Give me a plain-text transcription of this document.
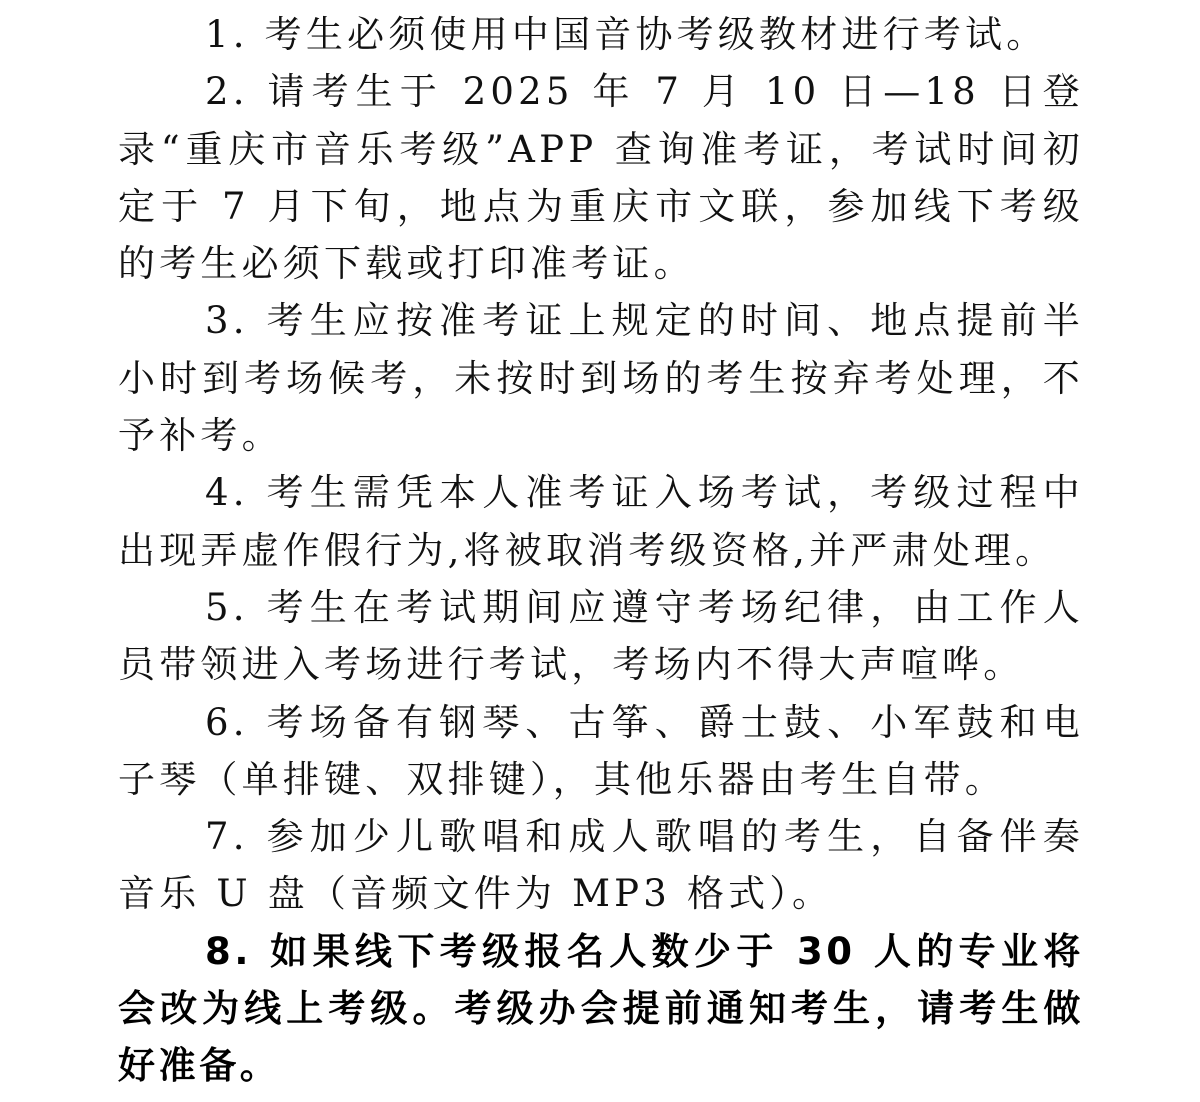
1. 考生必须使用中国音协考级教材进行考试。

2. 请考生于 2025 年 7 月 10 日—18 日登录“重庆市音乐考级”APP 查询准考证，考试时间初定于 7 月下旬，地点为重庆市文联，参加线下考级的考生必须下载或打印准考证。

3. 考生应按准考证上规定的时间、地点提前半小时到考场候考，未按时到场的考生按弃考处理，不予补考。

4. 考生需凭本人准考证入场考试，考级过程中出现弄虚作假行为,将被取消考级资格,并严肃处理。

5. 考生在考试期间应遵守考场纪律，由工作人员带领进入考场进行考试，考场内不得大声喧哗。

6. 考场备有钢琴、古筝、爵士鼓、小军鼓和电子琴（单排键、双排键），其他乐器由考生自带。

7. 参加少儿歌唱和成人歌唱的考生，自备伴奏音乐 U 盘（音频文件为 MP3 格式）。

8. 如果线下考级报名人数少于 30 人的专业将会改为线上考级。考级办会提前通知考生，请考生做好准备。
